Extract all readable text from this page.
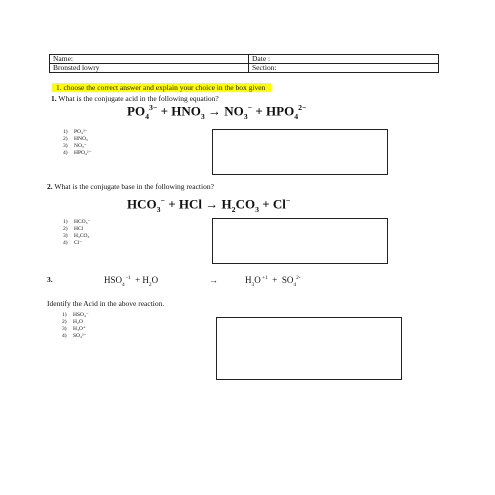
Name:	Date :
Bronsted lowry	Section:
1. choose the correct answer and explain your choice in the box given
1. What is the conjugate acid in the following equation?
$PO_4^{3-} + HNO_3 \to NO_3^- + HPO_4^{2-}$
1) PO₄³⁻
2) HNO₃
3) NO₃⁻
4) HPO₄²⁻
2. What is the conjugate base in the following reaction?
$HCO_3^-$ + HCl → $H_2CO_3 + Cl^-$
1) HCO₃⁻
2) HCl
3) H₂CO₃
4) Cl⁻
3.	$HSO_4$ $^{-1} + H_2O$	→	$H_3O$ $^{+1} + SO_4^{2-}$
Identify the Acid in the above reaction.
1) HSO₄⁻
2) H₂O
3) H₃O⁺
4) SO₄²⁻
